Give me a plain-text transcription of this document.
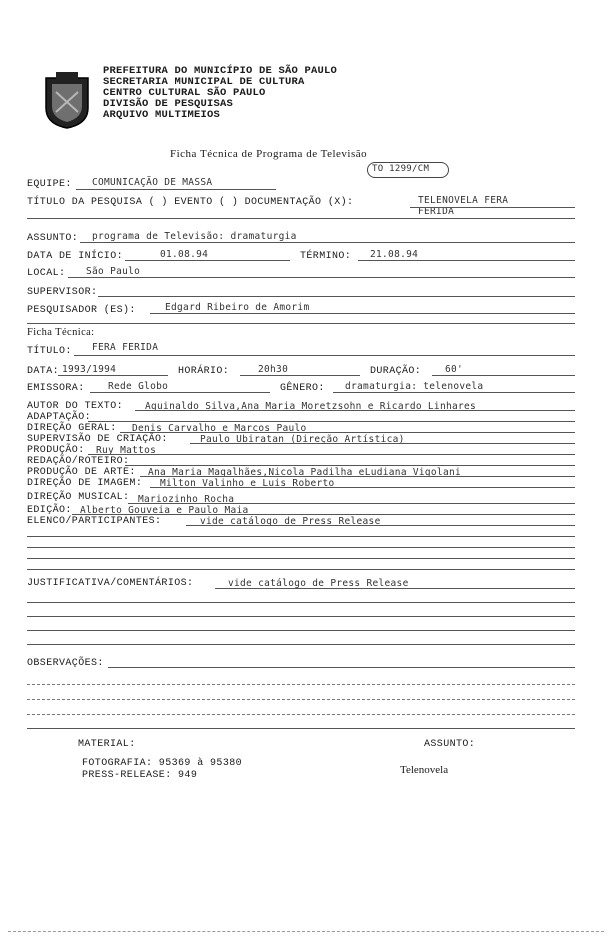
PREFEITURA DO MUNICÍPIO DE SÃO PAULO
SECRETARIA MUNICIPAL DE CULTURA
CENTRO CULTURAL SÃO PAULO
DIVISÃO DE PESQUISAS
ARQUIVO MULTIMEIOS
Ficha Técnica de Programa de Televisão
TO 1299/CM
EQUIPE: COMUNICAÇÃO DE MASSA
TÍTULO DA PESQUISA ( ) EVENTO ( ) DOCUMENTAÇÃO (X):	TELENOVELA FERA
FERIDA
ASSUNTO: programa de Televisão: dramaturgia
DATA DE INÍCIO:	01.08.94	TÉRMINO: 21.08.94
LOCAL: São Paulo
SUPERVISOR:
PESQUISADOR (ES):	Edgard Ribeiro de Amorim
Ficha Técnica:
TÍTULO: FERA FERIDA
DATA: 1993/1994	HORÁRIO:	20h30	DURAÇÃO:	60'
EMISSORA: Rede Globo	GÊNERO: dramaturgia: telenovela
AUTOR DO TEXTO: Aguinaldo Silva,Ana Maria Moretzsohn e Ricardo Linhares
ADAPTAÇÃO:
DIREÇÃO GERAL: Denis Carvalho e Marcos Paulo
SUPERVISÃO DE CRIAÇÃO:	Paulo Ubiratan (Direção Artística)
PRODUÇÃO: Ruy Mattos
REDAÇÃO/ROTEIRO:
PRODUÇÃO DE ARTE: Ana Maria Magalhães,Nicola Padilha eLudiana Vigolani
DIREÇÃO DE IMAGEM: Milton Valinho e Luis Roberto
DIREÇÃO MUSICAL: Mariozinho Rocha
EDIÇÃO: Alberto Gouveia e Paulo Maia
ELENCO/PARTICIPANTES:	vide catálogo de Press Release
JUSTIFICATIVA/COMENTÁRIOS:	vide catálogo de Press Release
OBSERVAÇÕES:
MATERIAL:
FOTOGRAFIA: 95369 à 95380
PRESS-RELEASE: 949
ASSUNTO:
Telenovela
